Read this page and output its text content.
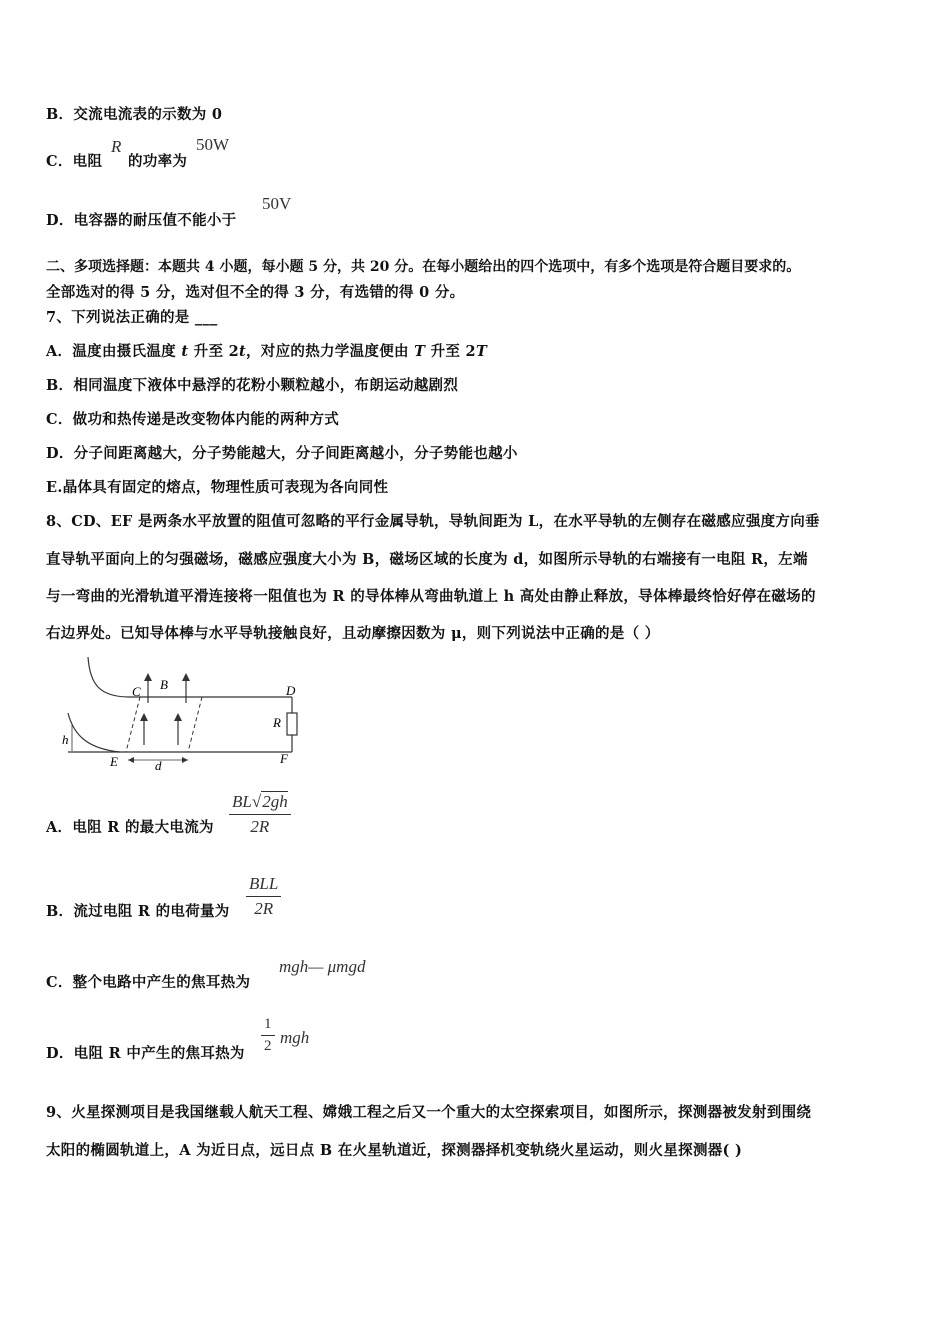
B．交流电流表的示数为 0
C．电阻
R
的功率为
50W
D．电容器的耐压值不能小于
50V
二、多项选择题：本题共 4 小题，每小题 5 分，共 20 分。在每小题给出的四个选项中，有多个选项是符合题目要求的。
全部选对的得 5 分，选对但不全的得 3 分，有选错的得 0 分。
7、下列说法正确的是 ___
A．温度由摄氏温度 t 升至 2t，对应的热力学温度便由 T 升至 2T
B．相同温度下液体中悬浮的花粉小颗粒越小，布朗运动越剧烈
C．做功和热传递是改变物体内能的两种方式
D．分子间距离越大，分子势能越大，分子间距离越小，分子势能也越小
E.晶体具有固定的熔点，物理性质可表现为各向同性
8、CD、EF 是两条水平放置的阻值可忽略的平行金属导轨，导轨间距为 L，在水平导轨的左侧存在磁感应强度方向垂
直导轨平面向上的匀强磁场，磁感应强度大小为 B，磁场区域的长度为 d，如图所示导轨的右端接有一电阻 R，左端
与一弯曲的光滑轨道平滑连接将一阻值也为 R 的导体棒从弯曲轨道上 h 高处由静止释放，导体棒最终恰好停在磁场的
右边界处。已知导体棒与水平导轨接触良好，且动摩擦因数为 μ，则下列说法中正确的是（ ）
B
C	D
E	F
R
h
d
A．电阻 R 的最大电流为 $\frac{BL√2gh}{2R}$
B．流过电阻 R 的电荷量为
BLL
2R
C．整个电路中产生的焦耳热为
mgh— μmgd
D．电阻 R 中产生的焦耳热为 $\frac{1}{2}$ mgh
9、火星探测项目是我国继载人航天工程、嫦娥工程之后又一个重大的太空探索项目，如图所示，探测器被发射到围绕
太阳的椭圆轨道上，A 为近日点，远日点 B 在火星轨道近，探测器择机变轨绕火星运动，则火星探测器( )
